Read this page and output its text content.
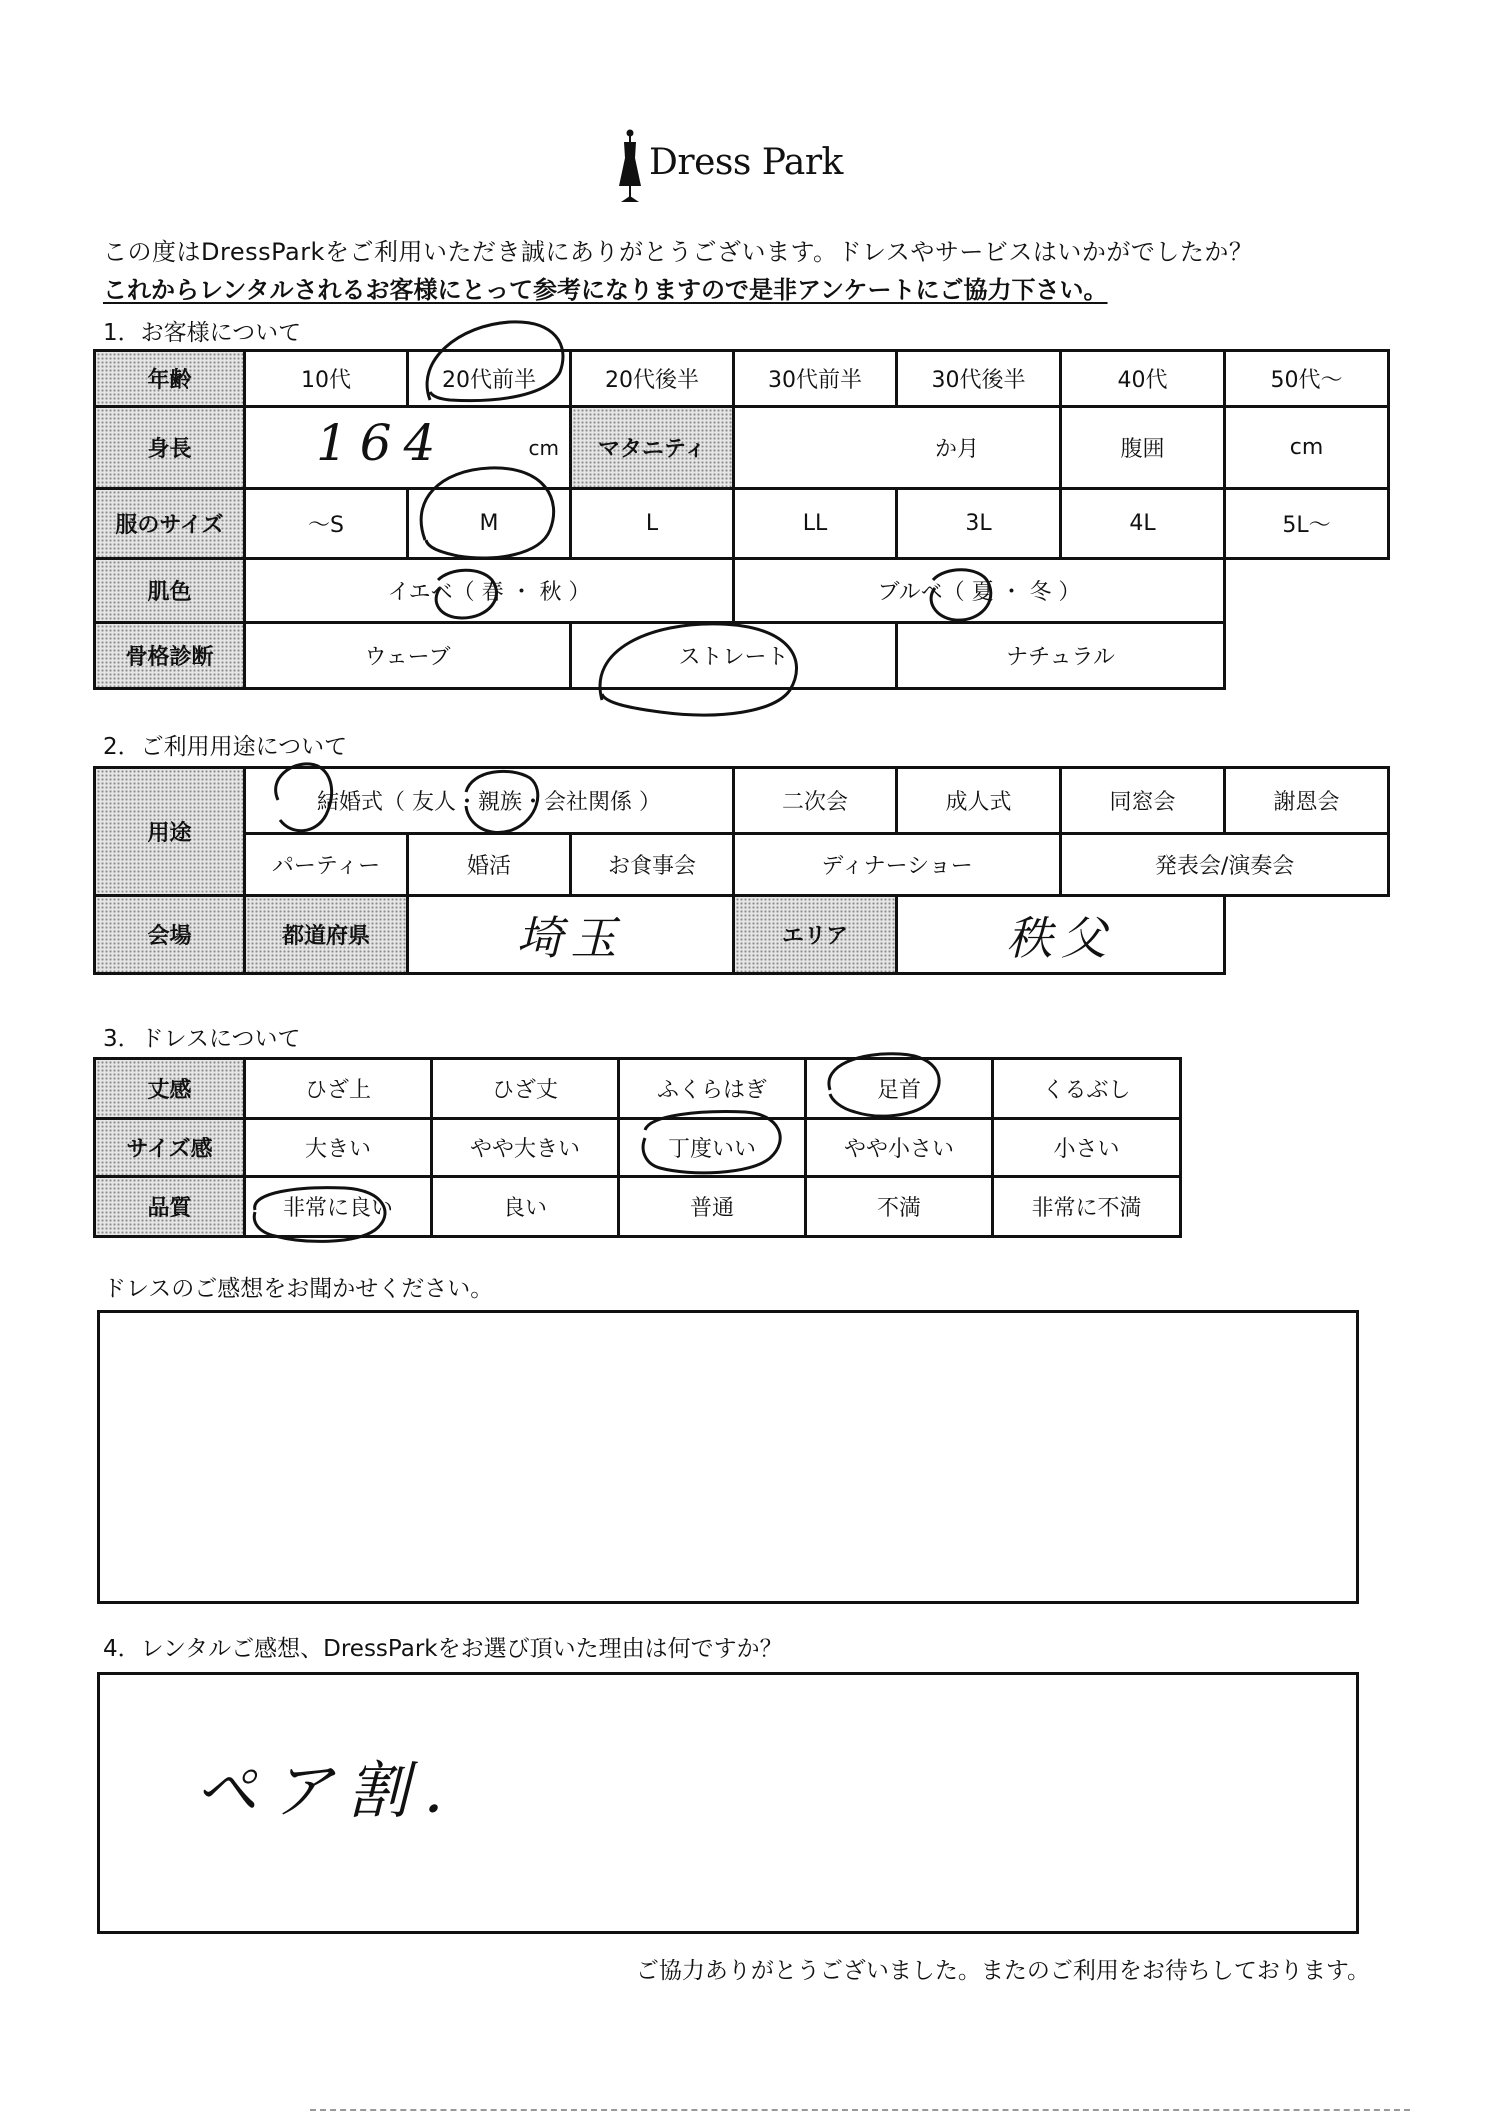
Dress Park
この度はDressParkをご利用いただき誠にありがとうございます。ドレスやサービスはいかがでしたか？
これからレンタルされるお客様にとって参考になりますので是非アンケートにご協力下さい。
1．お客様について
年齢	10代	20代前半	20代後半	30代前半	30代後半	40代	50代～
身長	164 cm		マタニティ	か月		腹囲	cm
服のサイズ	～S	M	L	LL	3L	4L	5L～
肌色	イエベ（ 春 ・ 秋 ）			ブルベ（ 夏 ・ 冬 ）			
骨格診断	ウェーブ		ストレート		ナチュラル		
2．ご利用用途について
用途	結婚式（ 友人・親族・会社関係 ）			二次会	成人式	同窓会	謝恩会
	パーティー	婚活	お食事会	ディナーショー		発表会/演奏会	
会場	都道府県	埼玉		エリア	秩父		
3．ドレスについて
丈感	ひざ上	ひざ丈	ふくらはぎ	足首	くるぶし
サイズ感	大きい	やや大きい	丁度いい	やや小さい	小さい
品質	非常に良い	良い	普通	不満	非常に不満
ドレスのご感想をお聞かせください。
4．レンタルご感想、DressParkをお選び頂いた理由は何ですか？
ペア割．
ご協力ありがとうございました。またのご利用をお待ちしております。
